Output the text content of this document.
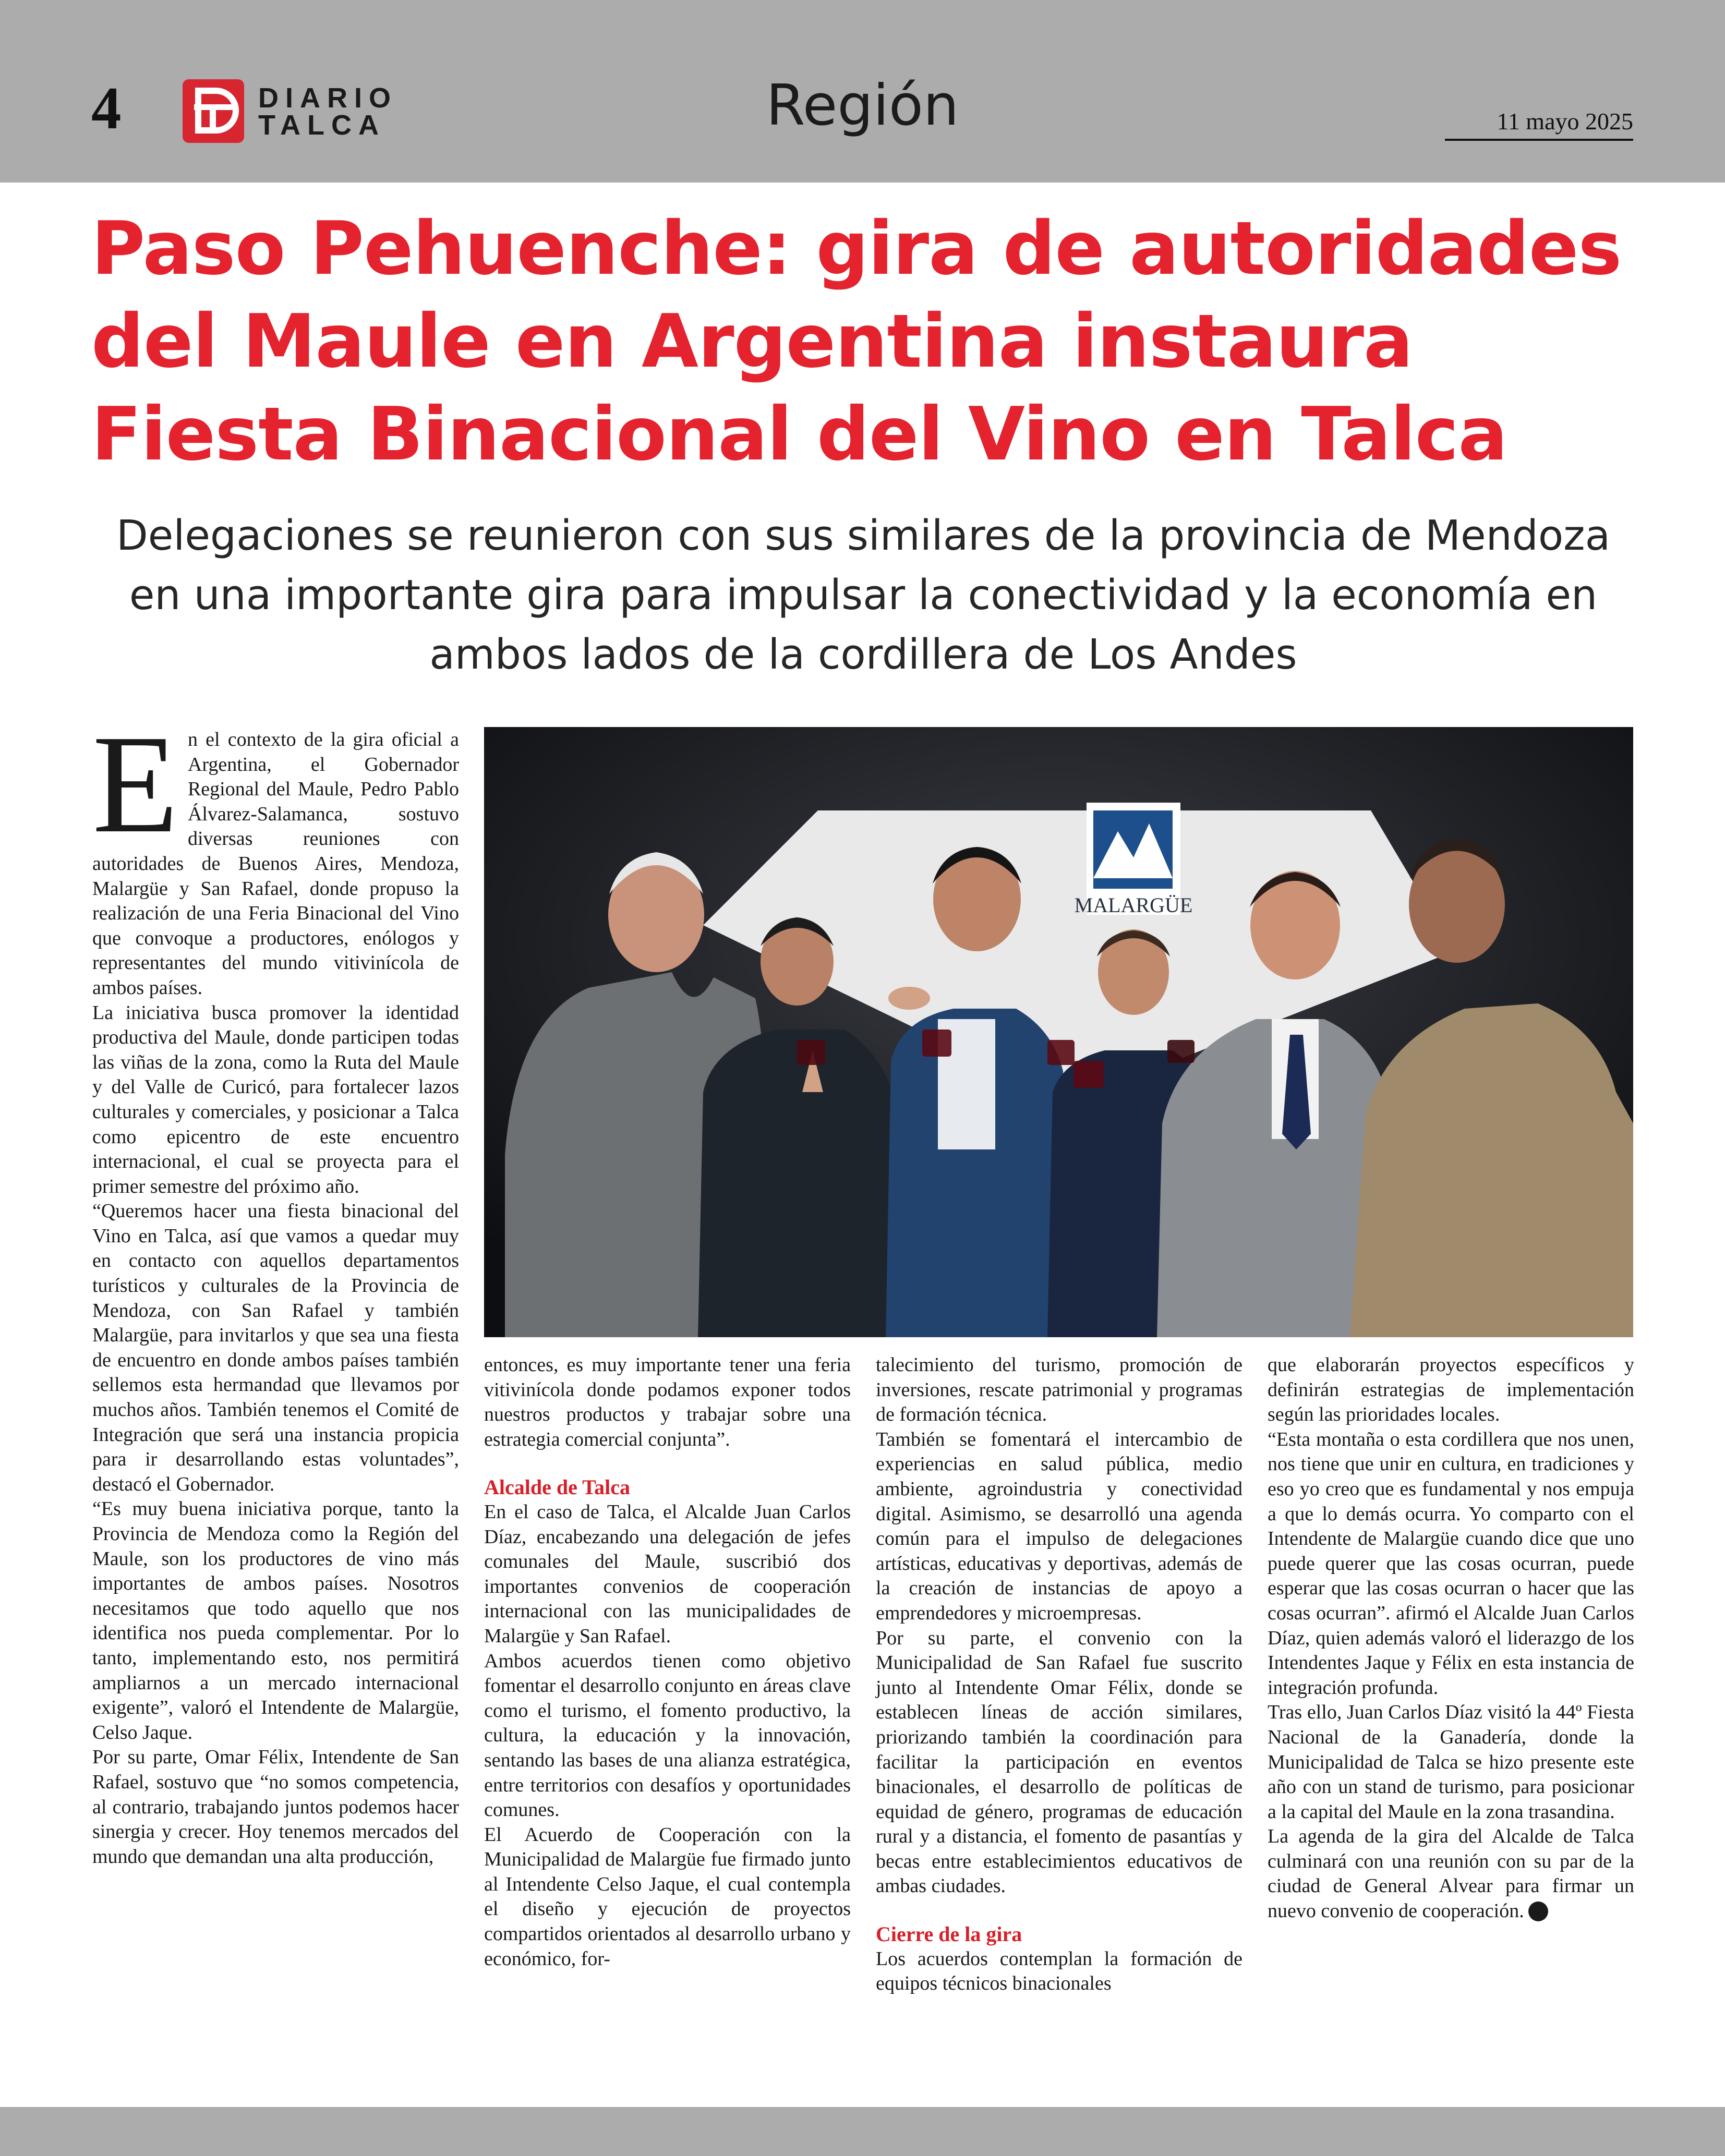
4	DIARIO
TALCA	Región	11 mayo 2025
Paso Pehuenche: gira de autoridades del Maule en Argentina instaura Fiesta Binacional del Vino en Talca
Delegaciones se reunieron con sus similares de la provincia de Mendoza en una importante gira para impulsar la conectividad y la economía en ambos lados de la cordillera de Los Andes
MALARGÜE
E n el contexto de la gira oficial a Argentina, el Gobernador Regional del Maule, Pedro Pablo Álvarez-Salamanca, sostuvo diversas reuniones con autoridades de Buenos Aires, Mendoza, Malargüe y San Rafael, donde propuso la realización de una Feria Binacional del Vino que convoque a productores, enólogos y representantes del mundo vitivinícola de ambos países.

La iniciativa busca promover la identidad productiva del Maule, donde participen todas las viñas de la zona, como la Ruta del Maule y del Valle de Curicó, para fortalecer lazos culturales y comerciales, y posicionar a Talca como epicentro de este encuentro internacional, el cual se proyecta para el primer semestre del próximo año.

“Queremos hacer una fiesta binacional del Vino en Talca, así que vamos a quedar muy en contacto con aquellos departamentos turísticos y culturales de la Provincia de Mendoza, con San Rafael y también Malargüe, para invitarlos y que sea una fiesta de encuentro en donde ambos países también sellemos esta hermandad que llevamos por muchos años. También tenemos el Comité de Integración que será una instancia propicia para ir desarrollando estas voluntades”, destacó el Gobernador.

“Es muy buena iniciativa porque, tanto la Provincia de Mendoza como la Región del Maule, son los productores de vino más importantes de ambos países. Nosotros necesitamos que todo aquello que nos identifica nos pueda complementar. Por lo tanto, implementando esto, nos permitirá ampliarnos a un mercado internacional exigente”, valoró el Intendente de Malargüe, Celso Jaque.

Por su parte, Omar Félix, Intendente de San Rafael, sostuvo que “no somos competencia, al contrario, trabajando juntos podemos hacer sinergia y crecer. Hoy tenemos mercados del mundo que demandan una alta producción,

entonces, es muy importante tener una feria vitivinícola donde podamos exponer todos nuestros productos y trabajar sobre una estrategia comercial conjunta”.

Alcalde de Talca

En el caso de Talca, el Alcalde Juan Carlos Díaz, encabezando una delegación de jefes comunales del Maule, suscribió dos importantes convenios de cooperación internacional con las municipalidades de Malargüe y San Rafael.

Ambos acuerdos tienen como objetivo fomentar el desarrollo conjunto en áreas clave como el turismo, el fomento productivo, la cultura, la educación y la innovación, sentando las bases de una alianza estratégica, entre territorios con desafíos y oportunidades comunes.

El Acuerdo de Cooperación con la Municipalidad de Malargüe fue firmado junto al Intendente Celso Jaque, el cual contempla el diseño y ejecución de proyectos compartidos orientados al desarrollo urbano y económico, for-

talecimiento del turismo, promoción de inversiones, rescate patrimonial y programas de formación técnica.

También se fomentará el intercambio de experiencias en salud pública, medio ambiente, agroindustria y conectividad digital. Asimismo, se desarrolló una agenda común para el impulso de delegaciones artísticas, educativas y deportivas, además de la creación de instancias de apoyo a emprendedores y microempresas.

Por su parte, el convenio con la Municipalidad de San Rafael fue suscrito junto al Intendente Omar Félix, donde se establecen líneas de acción similares, priorizando también la coordinación para facilitar la participación en eventos binacionales, el desarrollo de políticas de equidad de género, programas de educación rural y a distancia, el fomento de pasantías y becas entre establecimientos educativos de ambas ciudades.

Cierre de la gira

Los acuerdos contemplan la formación de equipos técnicos binacionales

que elaborarán proyectos específicos y definirán estrategias de implementación según las prioridades locales.

“Esta montaña o esta cordillera que nos unen, nos tiene que unir en cultura, en tradiciones y eso yo creo que es fundamental y nos empuja a que lo demás ocurra. Yo comparto con el Intendente de Malargüe cuando dice que uno puede querer que las cosas ocurran, puede esperar que las cosas ocurran o hacer que las cosas ocurran”. afirmó el Alcalde Juan Carlos Díaz, quien además valoró el liderazgo de los Intendentes Jaque y Félix en esta instancia de integración profunda.

Tras ello, Juan Carlos Díaz visitó la 44º Fiesta Nacional de la Ganadería, donde la Municipalidad de Talca se hizo presente este año con un stand de turismo, para posicionar a la capital del Maule en la zona trasandina.

La agenda de la gira del Alcalde de Talca culminará con una reunión con su par de la ciudad de General Alvear para firmar un nuevo convenio de cooperación.
